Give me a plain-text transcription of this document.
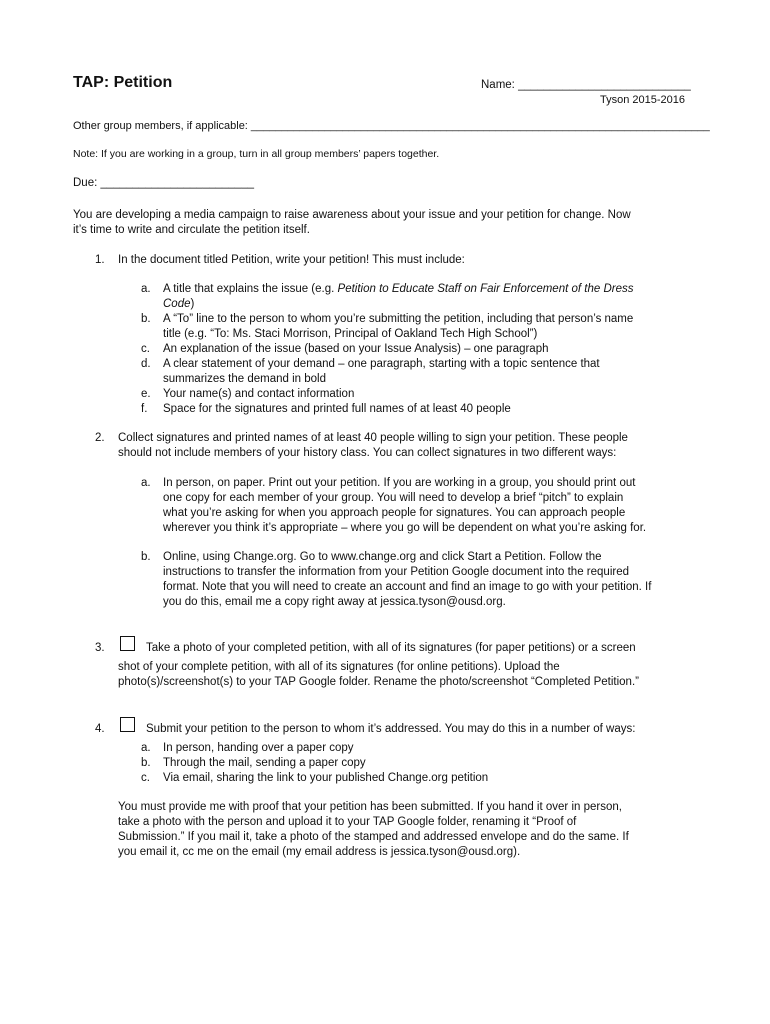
TAP: Petition	Name: ___________________________
Tyson 2015-2016
Other group members, if applicable: ___________________________________________________________________________
Note: If you are working in a group, turn in all group members’ papers together.
Due: ________________________
You are developing a media campaign to raise awareness about your issue and your petition for change. Now
it’s time to write and circulate the petition itself.
1. In the document titled Petition, write your petition! This must include:
a. A title that explains the issue (e.g. Petition to Educate Staff on Fair Enforcement of the Dress
Code)
b. A “To” line to the person to whom you’re submitting the petition, including that person’s name
title (e.g. “To: Ms. Staci Morrison, Principal of Oakland Tech High School”)
c. An explanation of the issue (based on your Issue Analysis) – one paragraph
d. A clear statement of your demand – one paragraph, starting with a topic sentence that
summarizes the demand in bold
e. Your name(s) and contact information
f. Space for the signatures and printed full names of at least 40 people
2. Collect signatures and printed names of at least 40 people willing to sign your petition. These people
should not include members of your history class. You can collect signatures in two different ways:
a. In person, on paper. Print out your petition. If you are working in a group, you should print out
one copy for each member of your group. You will need to develop a brief “pitch” to explain
what you’re asking for when you approach people for signatures. You can approach people
wherever you think it’s appropriate – where you go will be dependent on what you’re asking for.
b. Online, using Change.org. Go to www.change.org and click Start a Petition. Follow the
instructions to transfer the information from your Petition Google document into the required
format. Note that you will need to create an account and find an image to go with your petition. If
you do this, email me a copy right away at jessica.tyson@ousd.org.
3.	Take a photo of your completed petition, with all of its signatures (for paper petitions) or a screen
shot of your complete petition, with all of its signatures (for online petitions). Upload the
photo(s)/screenshot(s) to your TAP Google folder. Rename the photo/screenshot “Completed Petition.”
4.	Submit your petition to the person to whom it’s addressed. You may do this in a number of ways:
a. In person, handing over a paper copy
b. Through the mail, sending a paper copy
c. Via email, sharing the link to your published Change.org petition
You must provide me with proof that your petition has been submitted. If you hand it over in person,
take a photo with the person and upload it to your TAP Google folder, renaming it “Proof of
Submission.” If you mail it, take a photo of the stamped and addressed envelope and do the same. If
you email it, cc me on the email (my email address is jessica.tyson@ousd.org).
